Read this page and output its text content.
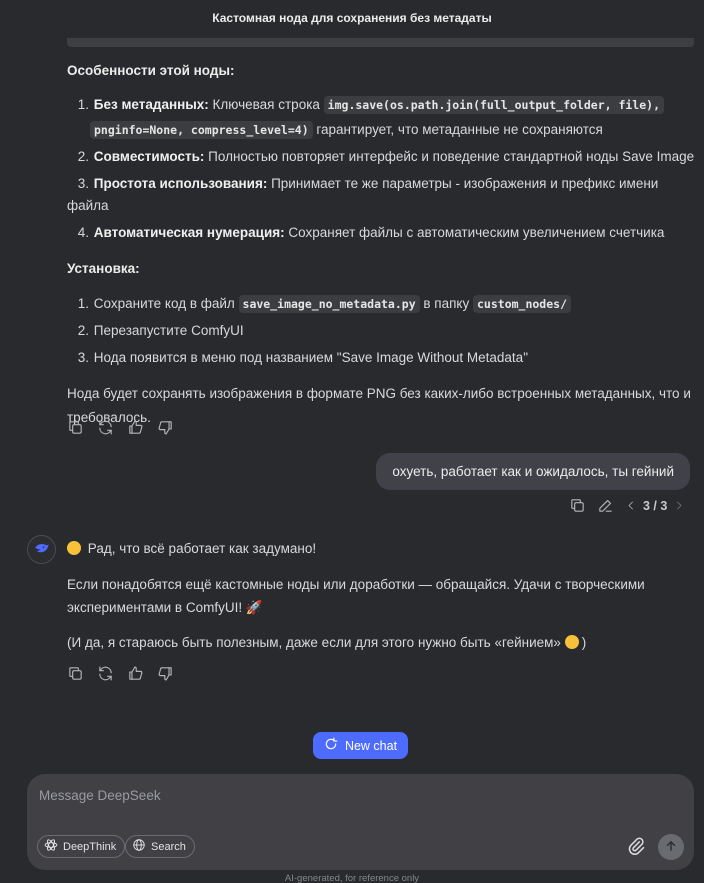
Кастомная нода для сохранения без метадаты
Особенности этой ноды:
1. Без метаданных: Ключевая строка img.save(os.path.join(full_output_folder, file),
pnginfo=None, compress_level=4) гарантирует, что метаданные не сохраняются
2. Совместимость: Полностью повторяет интерфейс и поведение стандартной ноды Save Image
3. Простота использования: Принимает те же параметры - изображения и префикс имени файла
4. Автоматическая нумерация: Сохраняет файлы с автоматическим увеличением счетчика
Установка:
1. Сохраните код в файл save_image_no_metadata.py в папку custom_nodes/
2. Перезапустите ComfyUI
3. Нода появится в меню под названием "Save Image Without Metadata"
Нода будет сохранять изображения в формате PNG без каких-либо встроенных метаданных, что и
требовалось.
охуеть, работает как и ожидалось, ты гейний
3 / 3
Рад, что всё работает как задумано!
Если понадобятся ещё кастомные ноды или доработки — обращайся. Удачи с творческими
экспериментами в ComfyUI! 🚀
(И да, я стараюсь быть полезным, даже если для этого нужно быть «гейнием» )
New chat
Message DeepSeek
DeepThink	Search
AI-generated, for reference only
